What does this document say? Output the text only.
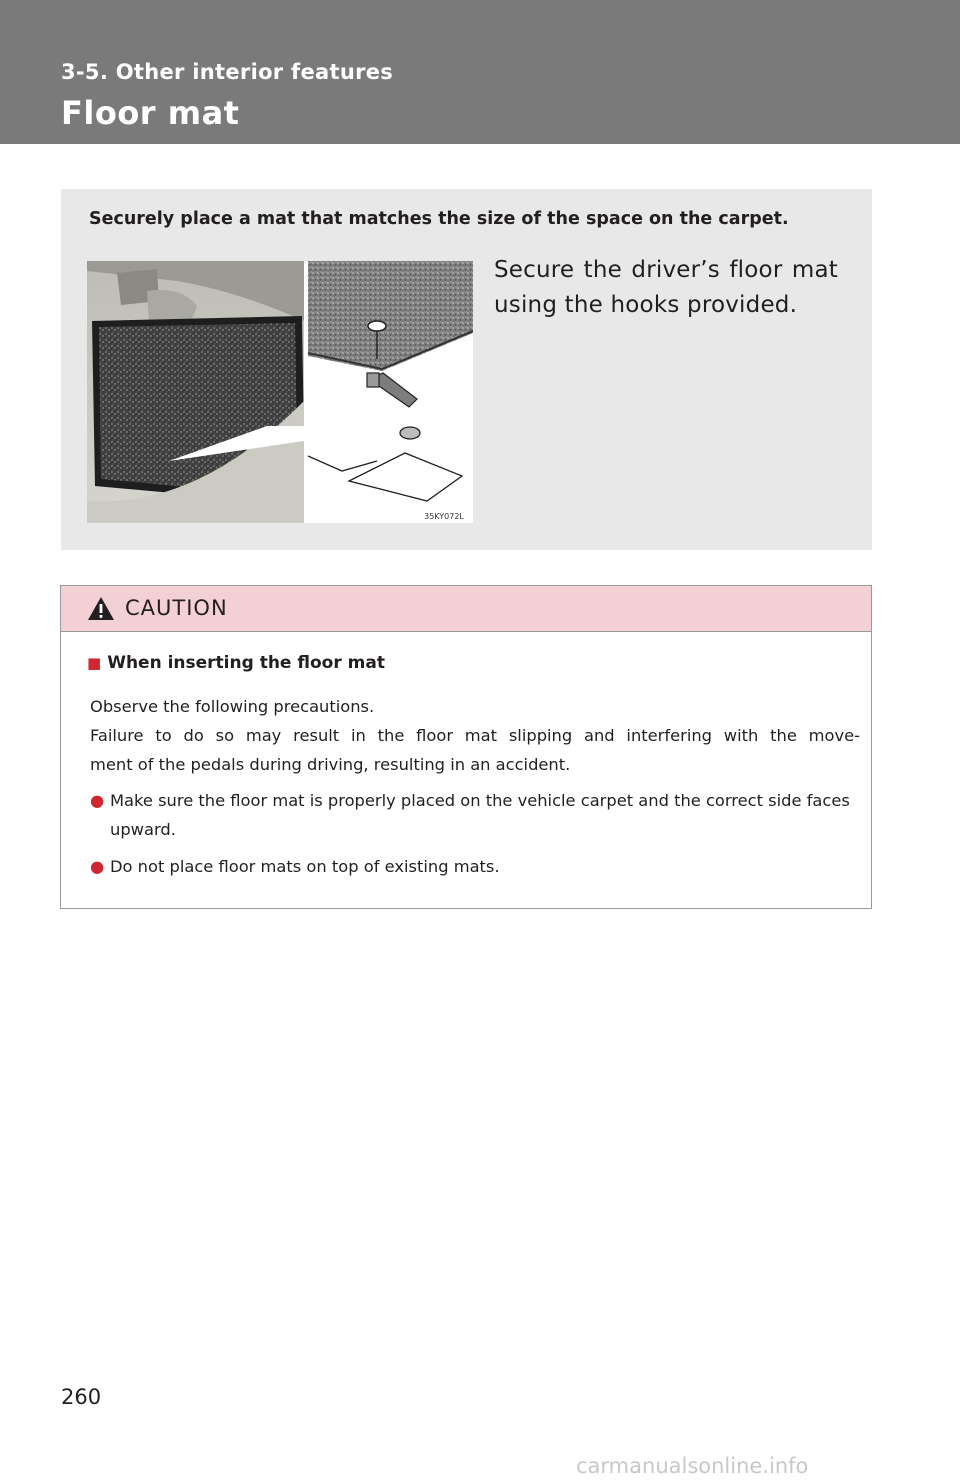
3-5. Other interior features

Floor mat

Securely place a mat that matches the size of the space on the carpet.

35KY072L

Secure the driver’s floor mat using the hooks provided.

CAUTION

■ When inserting the floor mat

Observe the following precautions.
Failure to do so may result in the floor mat slipping and interfering with the move-
ment of the pedals during driving, resulting in an accident.

● Make sure the floor mat is properly placed on the vehicle carpet and the correct side faces upward.

● Do not place floor mats on top of existing mats.

260

carmanualsonline.info
